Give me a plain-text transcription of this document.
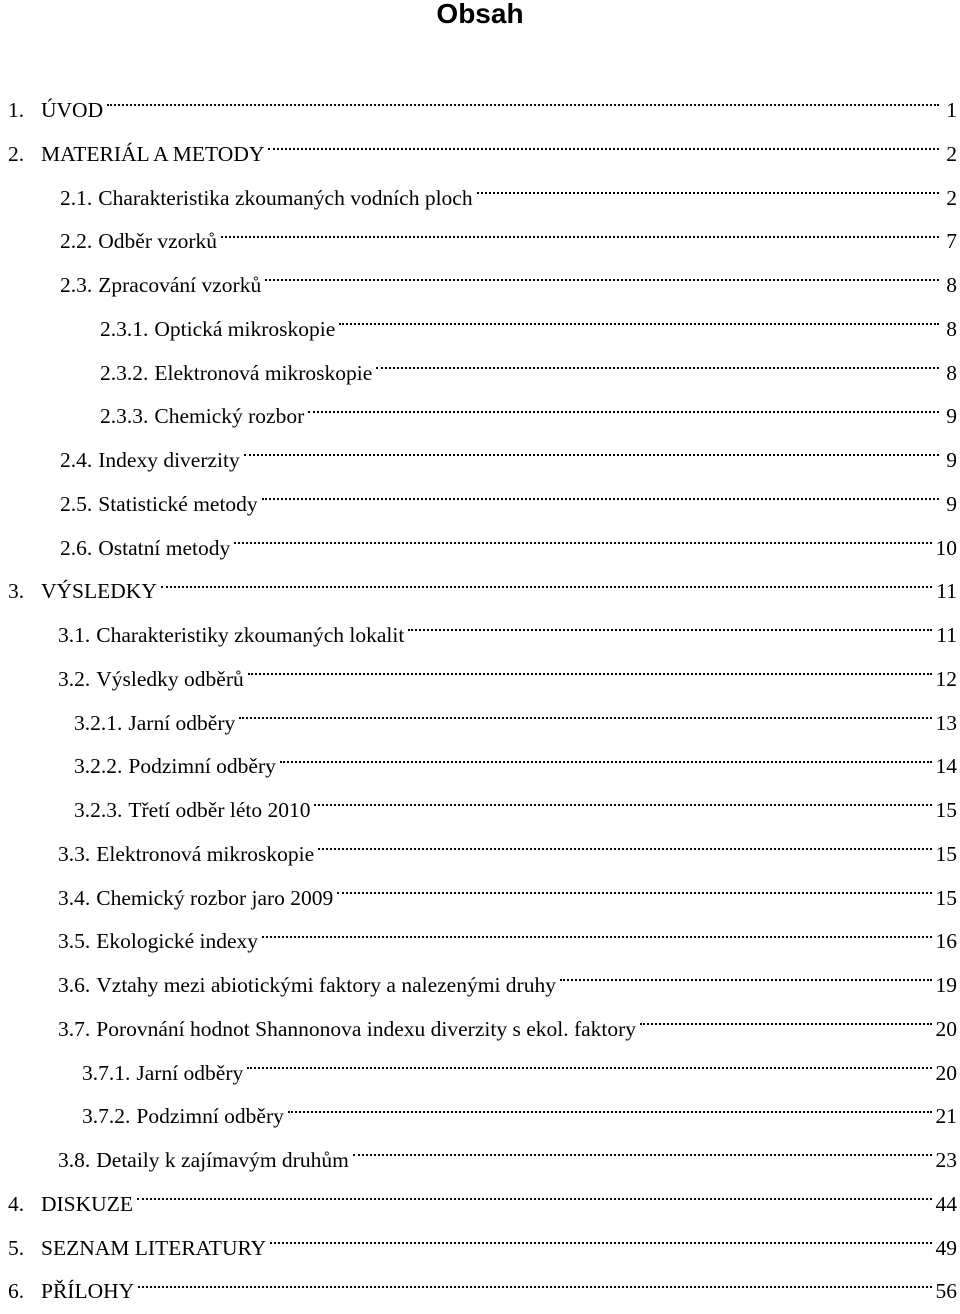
Obsah
1. ÚVOD	1
2. MATERIÁL A METODY	2
2.1. Charakteristika zkoumaných vodních ploch	2
2.2. Odběr vzorků	7
2.3. Zpracování vzorků	8
2.3.1. Optická mikroskopie	8
2.3.2. Elektronová mikroskopie	8
2.3.3. Chemický rozbor	9
2.4. Indexy diverzity	9
2.5. Statistické metody	9
2.6. Ostatní metody	10
3. VÝSLEDKY	11
3.1. Charakteristiky zkoumaných lokalit	11
3.2. Výsledky odběrů	12
3.2.1. Jarní odběry	13
3.2.2. Podzimní odběry	14
3.2.3. Třetí odběr léto 2010	15
3.3. Elektronová mikroskopie	15
3.4. Chemický rozbor jaro 2009	15
3.5. Ekologické indexy	16
3.6. Vztahy mezi abiotickými faktory a nalezenými druhy	19
3.7. Porovnání hodnot Shannonova indexu diverzity s ekol. faktory	20
3.7.1. Jarní odběry	20
3.7.2. Podzimní odběry	21
3.8. Detaily k zajímavým druhům	23
4. DISKUZE	44
5. SEZNAM LITERATURY	49
6. PŘÍLOHY	56
